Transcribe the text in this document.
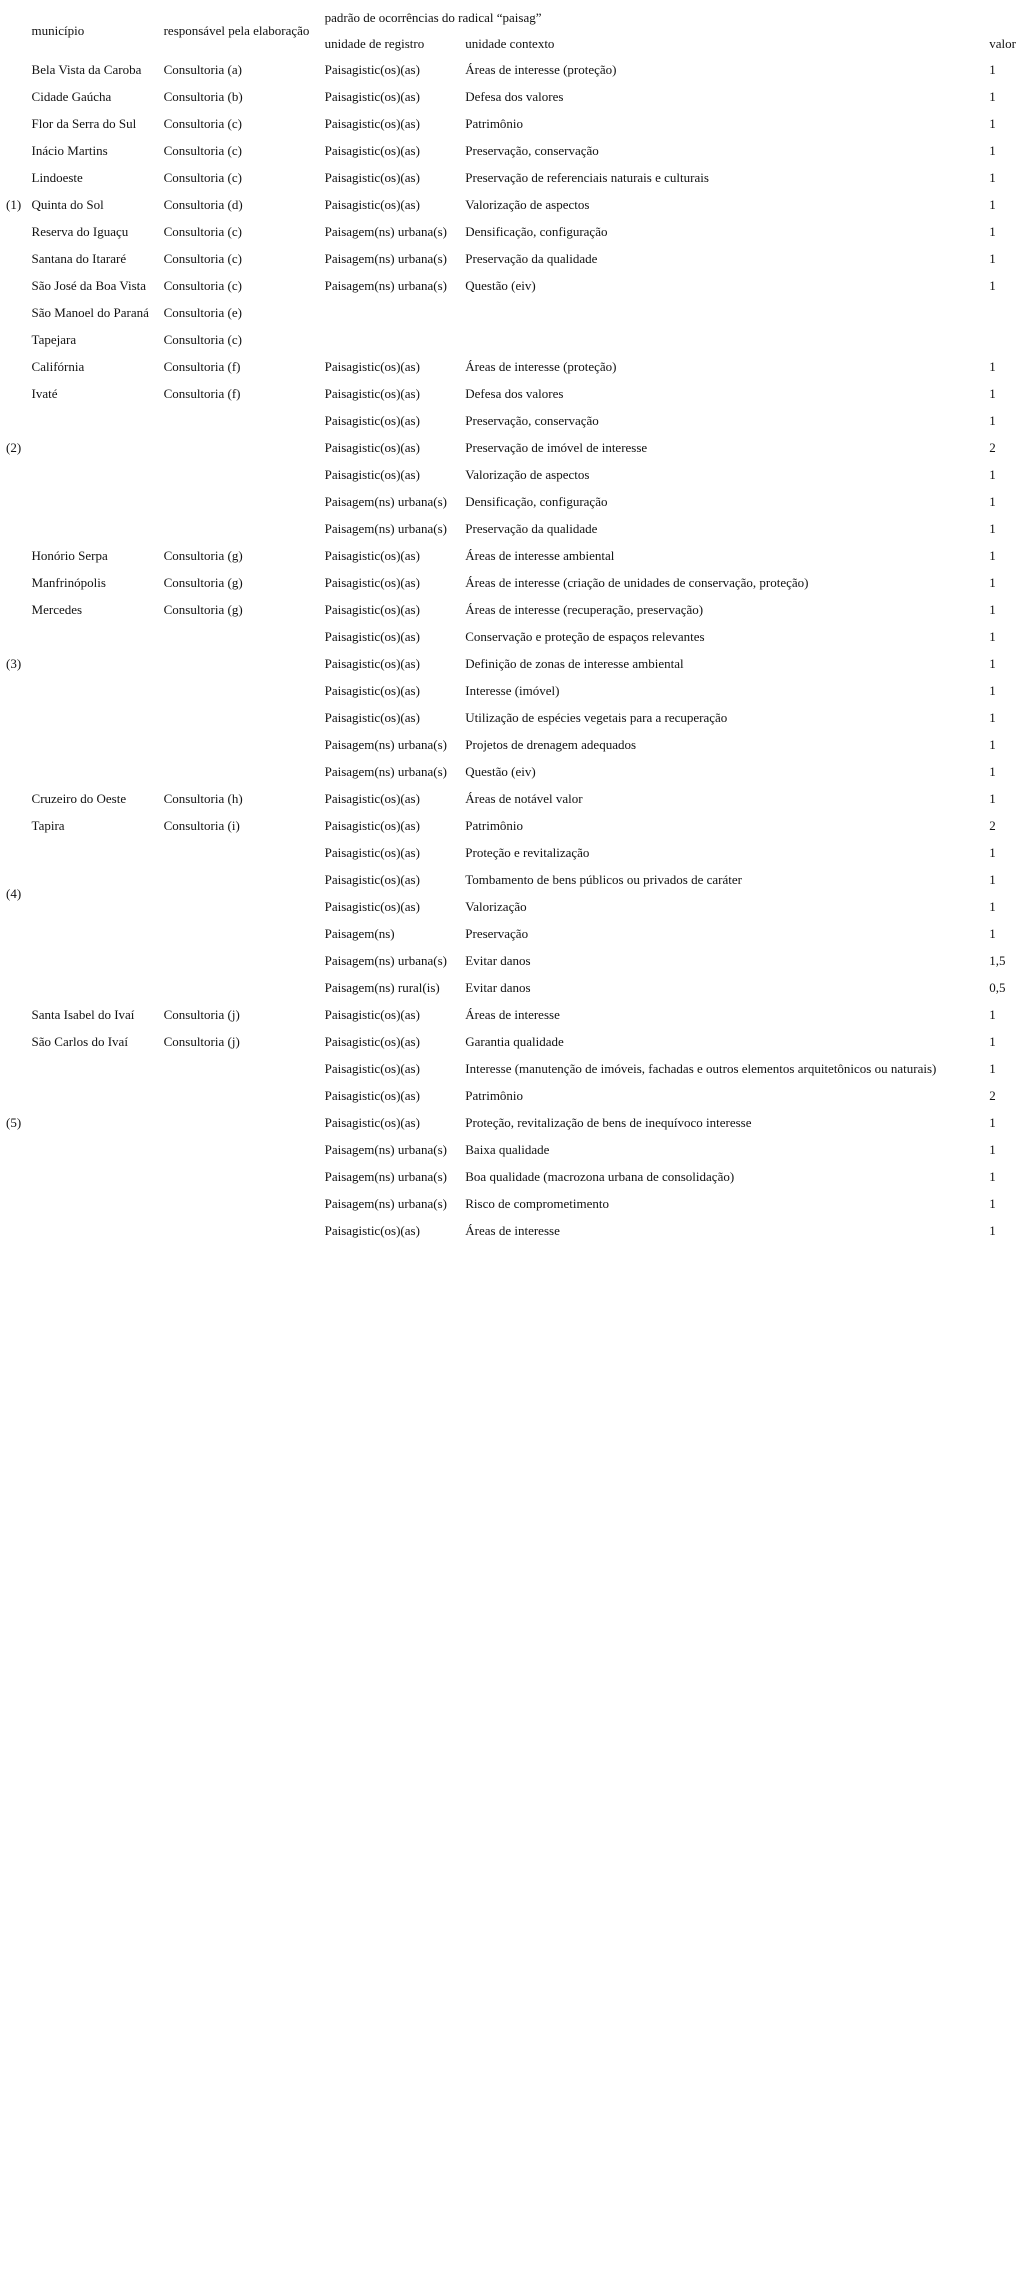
	município	responsável pela elaboração	padrão de ocorrências do radical “paisag”		
			unidade de registro	unidade contexto	valor
(1)	Bela Vista da Caroba	Consultoria (a)	Paisagistic(os)(as)	Áreas de interesse (proteção)	1
	Cidade Gaúcha	Consultoria (b)	Paisagistic(os)(as)	Defesa dos valores	1
	Flor da Serra do Sul	Consultoria (c)	Paisagistic(os)(as)	Patrimônio	1
	Inácio Martins	Consultoria (c)	Paisagistic(os)(as)	Preservação, conservação	1
	Lindoeste	Consultoria (c)	Paisagistic(os)(as)	Preservação de referenciais naturais e culturais	1
	Quinta do Sol	Consultoria (d)	Paisagistic(os)(as)	Valorização de aspectos	1
	Reserva do Iguaçu	Consultoria (c)	Paisagem(ns) urbana(s)	Densificação, configuração	1
	Santana do Itararé	Consultoria (c)	Paisagem(ns) urbana(s)	Preservação da qualidade	1
	São José da Boa Vista	Consultoria (c)	Paisagem(ns) urbana(s)	Questão (eiv)	1
	São Manoel do Paraná	Consultoria (e)			
	Tapejara	Consultoria (c)			
(2)	Califórnia	Consultoria (f)	Paisagistic(os)(as)	Áreas de interesse (proteção)	1
	Ivaté	Consultoria (f)	Paisagistic(os)(as)	Defesa dos valores	1
			Paisagistic(os)(as)	Preservação, conservação	1
			Paisagistic(os)(as)	Preservação de imóvel de interesse	2
			Paisagistic(os)(as)	Valorização de aspectos	1
			Paisagem(ns) urbana(s)	Densificação, configuração	1
			Paisagem(ns) urbana(s)	Preservação da qualidade	1
(3)	Honório Serpa	Consultoria (g)	Paisagistic(os)(as)	Áreas de interesse ambiental	1
	Manfrinópolis	Consultoria (g)	Paisagistic(os)(as)	Áreas de interesse (criação de unidades de conservação, proteção)	1
	Mercedes	Consultoria (g)	Paisagistic(os)(as)	Áreas de interesse (recuperação, preservação)	1
			Paisagistic(os)(as)	Conservação e proteção de espaços relevantes	1
			Paisagistic(os)(as)	Definição de zonas de interesse ambiental	1
			Paisagistic(os)(as)	Interesse (imóvel)	1
			Paisagistic(os)(as)	Utilização de espécies vegetais para a recuperação	1
			Paisagem(ns) urbana(s)	Projetos de drenagem adequados	1
			Paisagem(ns) urbana(s)	Questão (eiv)	1
(4)	Cruzeiro do Oeste	Consultoria (h)	Paisagistic(os)(as)	Áreas de notável valor	1
	Tapira	Consultoria (i)	Paisagistic(os)(as)	Patrimônio	2
			Paisagistic(os)(as)	Proteção e revitalização	1
			Paisagistic(os)(as)	Tombamento de bens públicos ou privados de caráter	1
			Paisagistic(os)(as)	Valorização	1
			Paisagem(ns)	Preservação	1
			Paisagem(ns) urbana(s)	Evitar danos	1,5
			Paisagem(ns) rural(is)	Evitar danos	0,5
(5)	Santa Isabel do Ivaí	Consultoria (j)	Paisagistic(os)(as)	Áreas de interesse	1
	São Carlos do Ivaí	Consultoria (j)	Paisagistic(os)(as)	Garantia qualidade	1
			Paisagistic(os)(as)	Interesse (manutenção de imóveis, fachadas e outros elementos arquitetônicos ou naturais)	1
			Paisagistic(os)(as)	Patrimônio	2
			Paisagistic(os)(as)	Proteção, revitalização de bens de inequívoco interesse	1
			Paisagem(ns) urbana(s)	Baixa qualidade	1
			Paisagem(ns) urbana(s)	Boa qualidade (macrozona urbana de consolidação)	1
			Paisagem(ns) urbana(s)	Risco de comprometimento	1
			Paisagistic(os)(as)	Áreas de interesse	1
